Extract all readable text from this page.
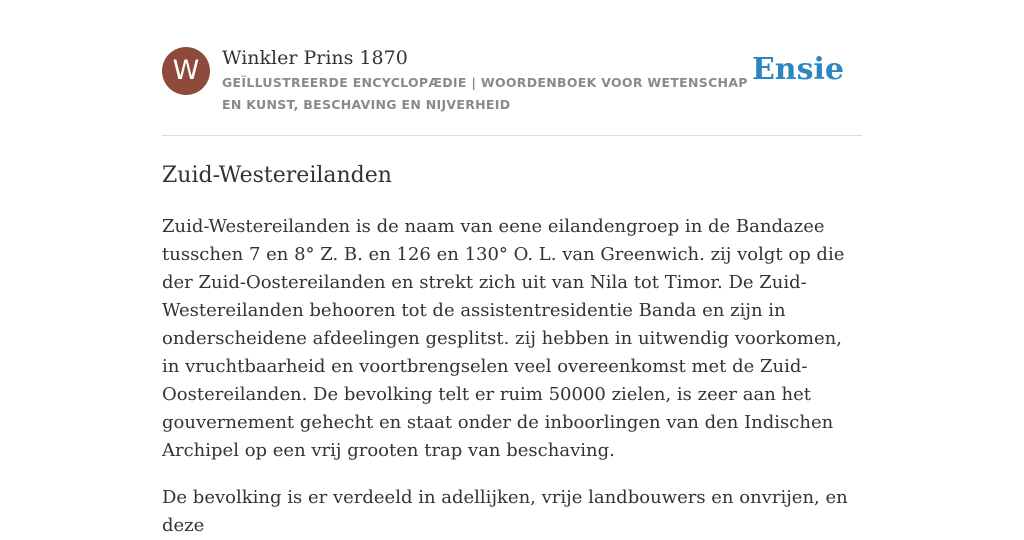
W	Winkler Prins 1870
GEÏLLUSTREERDE ENCYCLOPÆDIE | WOORDENBOEK VOOR WETENSCHAP EN KUNST, BESCHAVING EN NIJVERHEID
Ensie
Zuid-Westereilanden

Zuid-Westereilanden is de naam van eene eilandengroep in de Bandazee tusschen 7 en 8° Z. B. en 126 en 130° O. L. van Greenwich. zij volgt op die der Zuid-Oostereilanden en strekt zich uit van Nila tot Timor. De Zuid-Westereilanden behooren tot de assistentresidentie Banda en zijn in onderscheidene afdeelingen gesplitst. zij hebben in uitwendig voorkomen, in vruchtbaarheid en voortbrengselen veel overeenkomst met de Zuid-Oostereilanden. De bevolking telt er ruim 50000 zielen, is zeer aan het gouvernement gehecht en staat onder de inboorlingen van den Indischen Archipel op een vrij grooten trap van beschaving.

De bevolking is er verdeeld in adellijken, vrije landbouwers en onvrijen, en deze
